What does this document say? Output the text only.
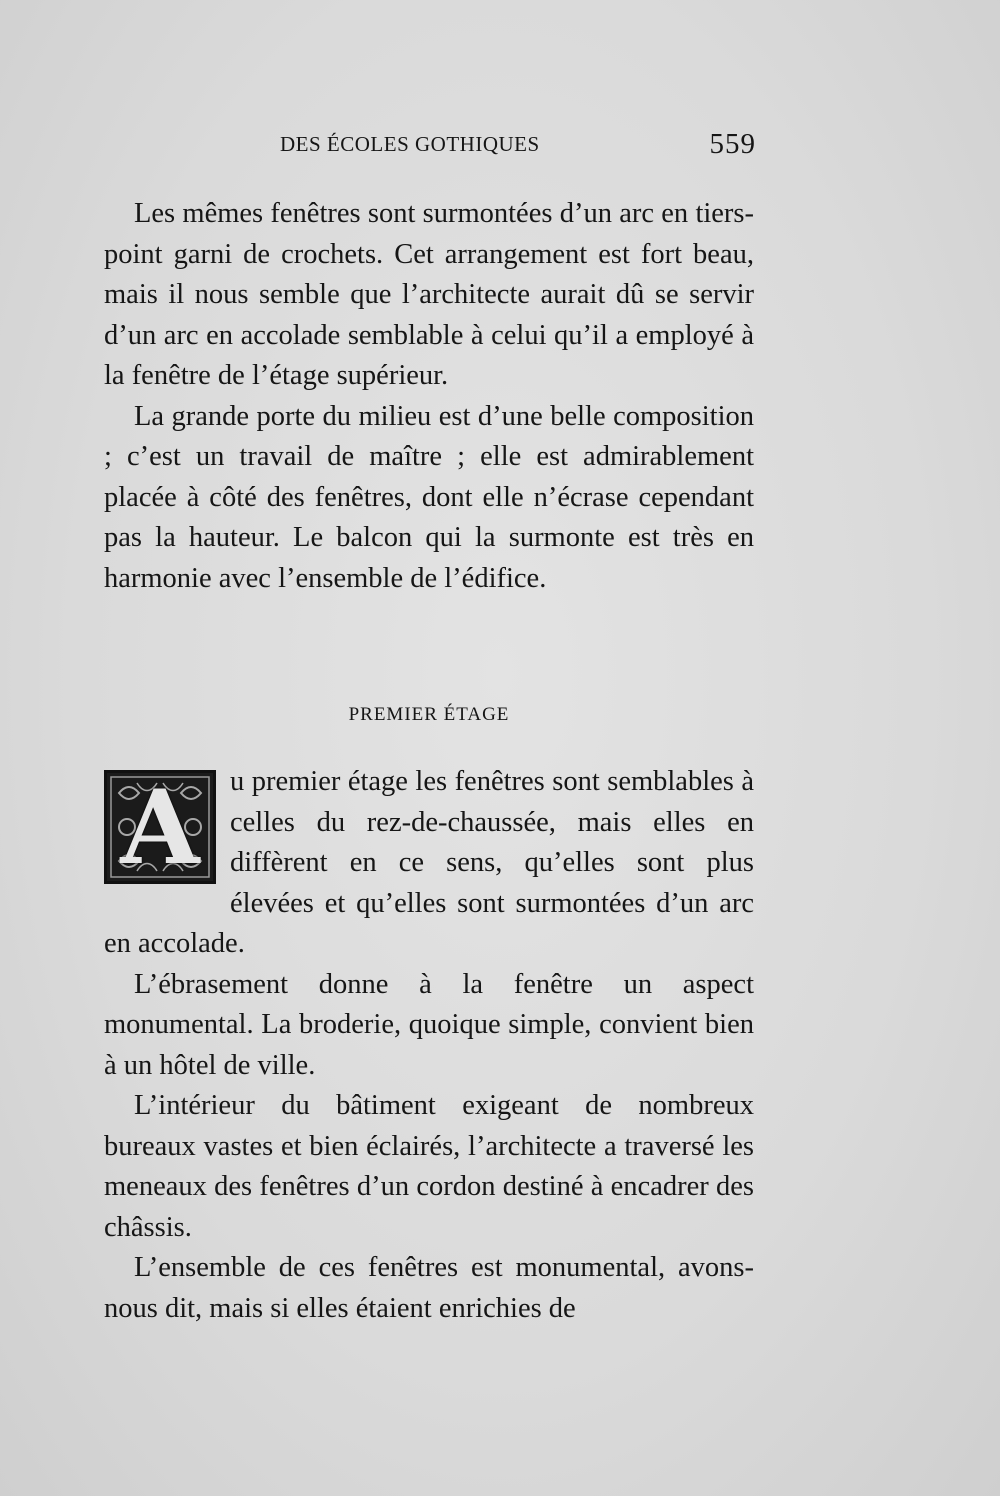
DES ÉCOLES GOTHIQUES	559

Les mêmes fenêtres sont surmontées d’un arc en tiers-point garni de crochets. Cet arrangement est fort beau, mais il nous semble que l’architecte aurait dû se servir d’un arc en accolade semblable à celui qu’il a employé à la fenêtre de l’étage supérieur.

La grande porte du milieu est d’une belle composition ; c’est un travail de maître ; elle est admirablement placée à côté des fenêtres, dont elle n’écrase cependant pas la hauteur. Le balcon qui la surmonte est très en harmonie avec l’ensemble de l’édifice.

PREMIER ÉTAGE

A	u premier étage les fenêtres sont semblables à celles du rez-de-chaussée, mais elles en diffèrent en ce sens, qu’elles sont plus élevées et qu’elles sont surmontées d’un arc en accolade.

L’ébrasement donne à la fenêtre un aspect monumental. La broderie, quoique simple, convient bien à un hôtel de ville.

L’intérieur du bâtiment exigeant de nombreux bureaux vastes et bien éclairés, l’architecte a traversé les meneaux des fenêtres d’un cordon destiné à encadrer des châssis.

L’ensemble de ces fenêtres est monumental, avons-nous dit, mais si elles étaient enrichies de
